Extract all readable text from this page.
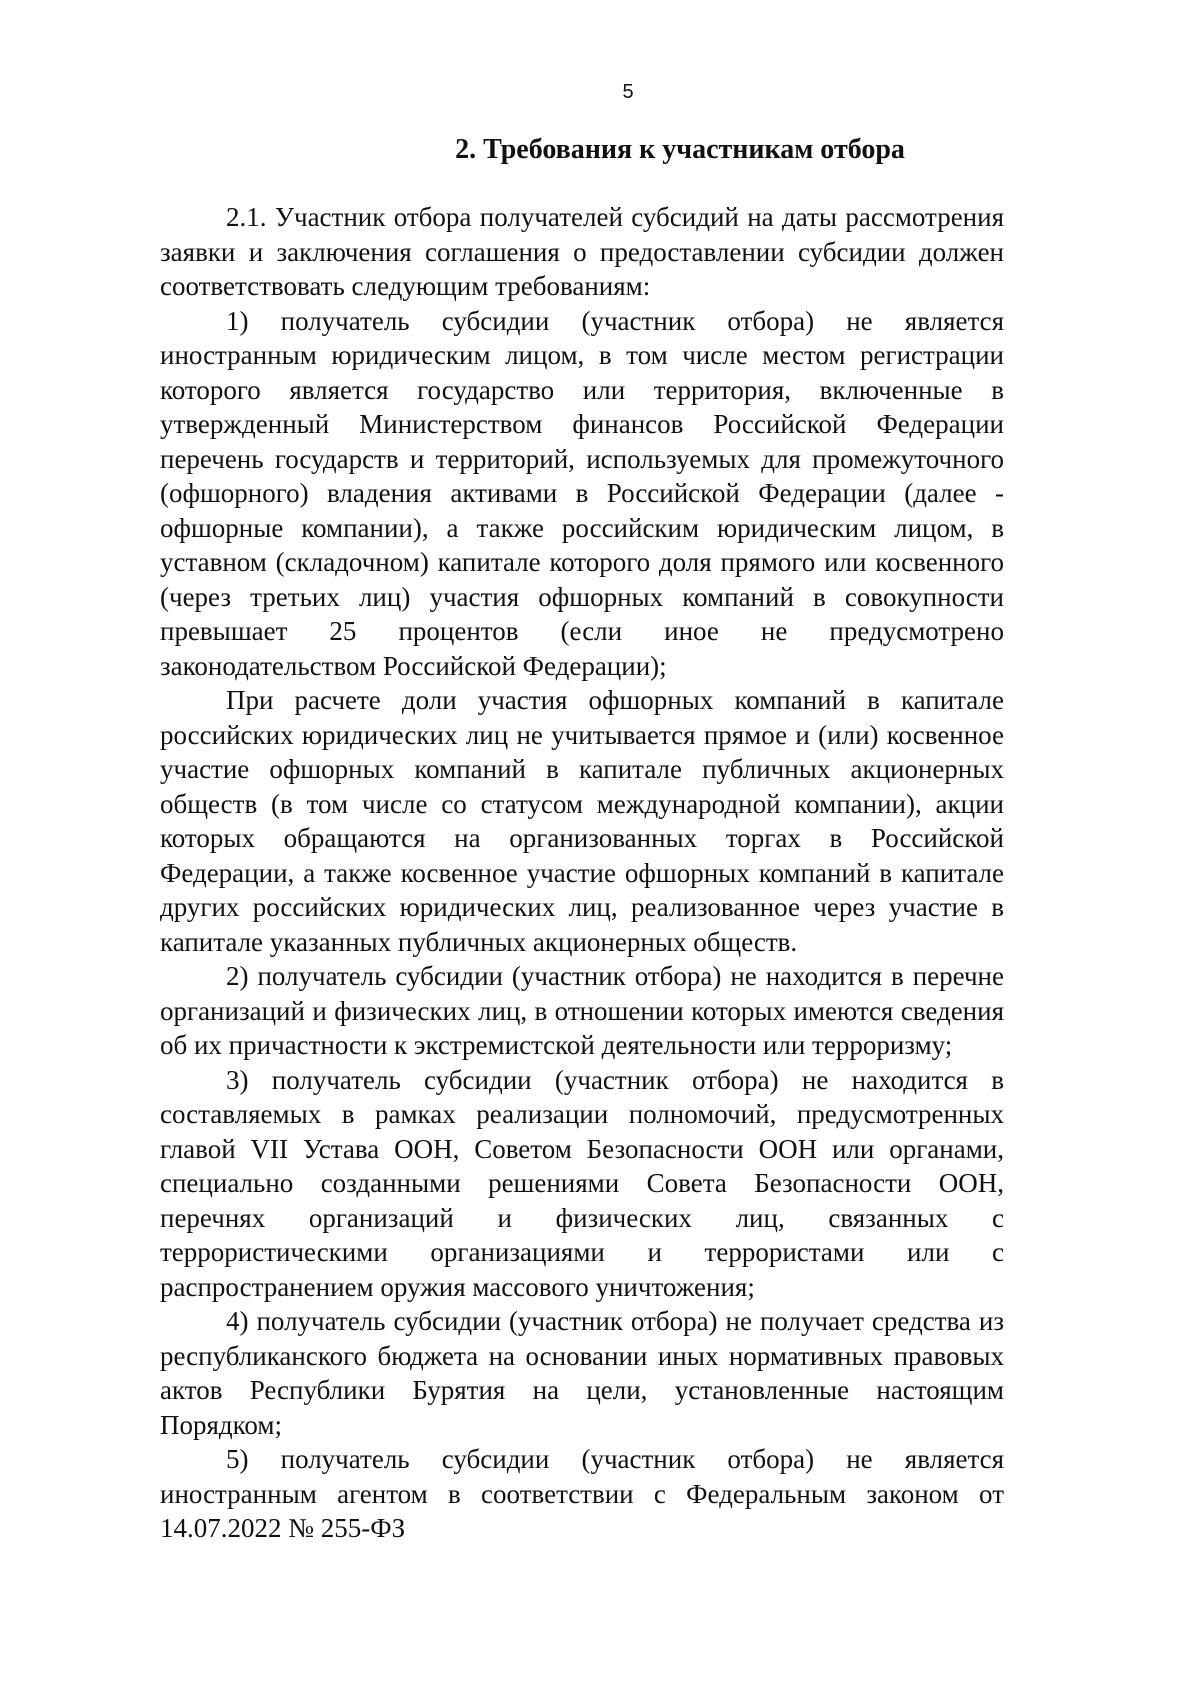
5
2. Требования к участникам отбора

2.1. Участник отбора получателей субсидий на даты рассмотрения заявки и заключения соглашения о предоставлении субсидии должен соответствовать следующим требованиям:

1) получатель субсидии (участник отбора) не является иностранным юридическим лицом, в том числе местом регистрации которого является государство или территория, включенные в утвержденный Министерством финансов Российской Федерации перечень государств и территорий, используемых для промежуточного (офшорного) владения активами в Российской Федерации (далее - офшорные компании), а также российским юридическим лицом, в уставном (складочном) капитале которого доля прямого или косвенного (через третьих лиц) участия офшорных компаний в совокупности превышает 25 процентов (если иное не предусмотрено законодательством Российской Федерации);

При расчете доли участия офшорных компаний в капитале российских юридических лиц не учитывается прямое и (или) косвенное участие офшорных компаний в капитале публичных акционерных обществ (в том числе со статусом международной компании), акции которых обращаются на организованных торгах в Российской Федерации, а также косвенное участие офшорных компаний в капитале других российских юридических лиц, реализованное через участие в капитале указанных публичных акционерных обществ.

2) получатель субсидии (участник отбора) не находится в перечне организаций и физических лиц, в отношении которых имеются сведения об их причастности к экстремистской деятельности или терроризму;

3) получатель субсидии (участник отбора) не находится в составляемых в рамках реализации полномочий, предусмотренных главой VII Устава ООН, Советом Безопасности ООН или органами, специально созданными решениями Совета Безопасности ООН, перечнях организаций и физических лиц, связанных с террористическими организациями и террористами или с распространением оружия массового уничтожения;

4) получатель субсидии (участник отбора) не получает средства из республиканского бюджета на основании иных нормативных правовых актов Республики Бурятия на цели, установленные настоящим Порядком;

5) получатель субсидии (участник отбора) не является иностранным агентом в соответствии с Федеральным законом от 14.07.2022 № 255-ФЗ
